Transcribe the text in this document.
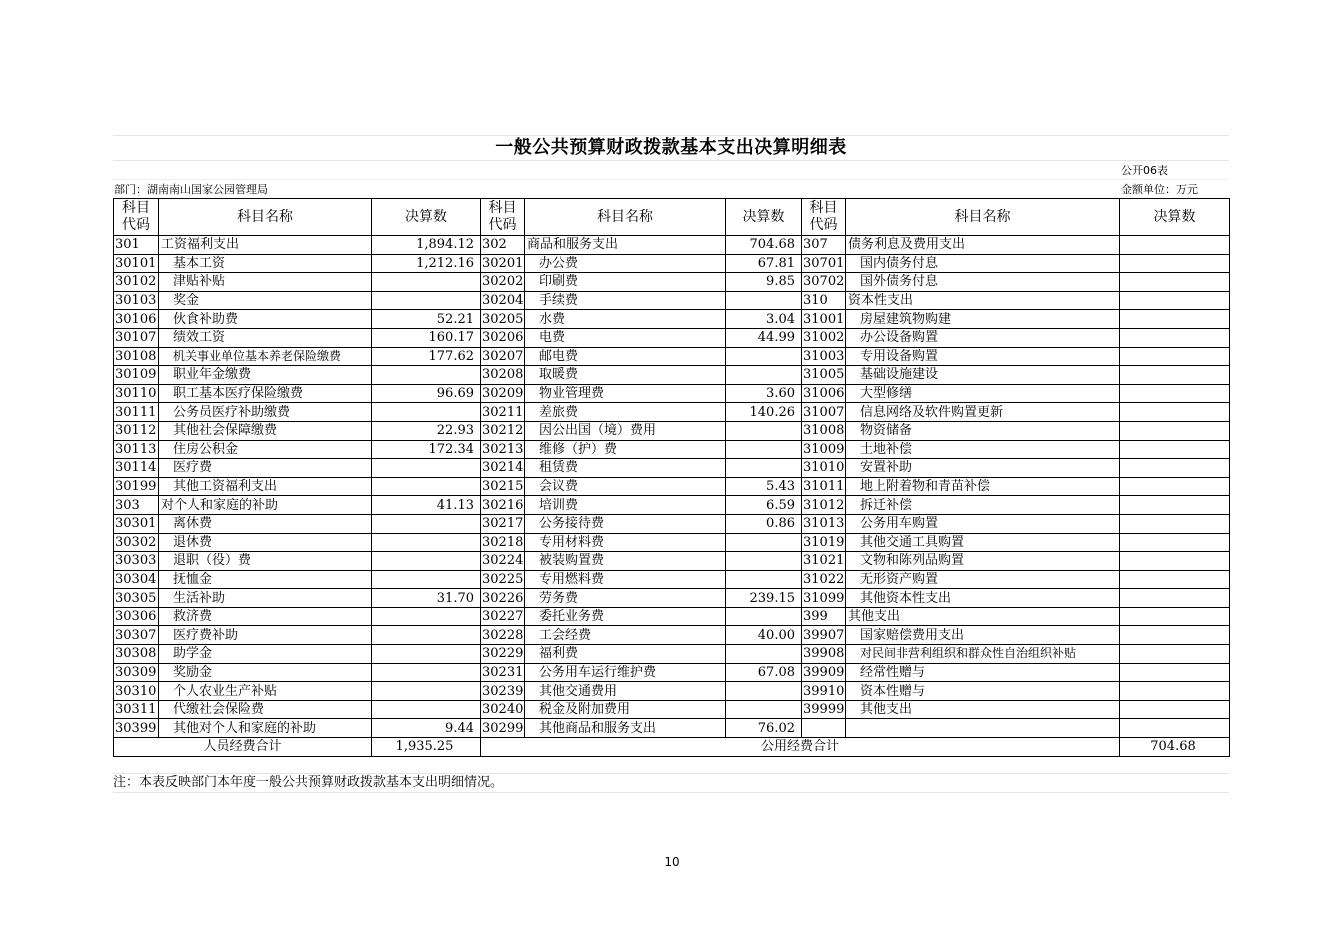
一般公共预算财政拨款基本支出决算明细表
公开06表
部门：湖南南山国家公园管理局	金额单位：万元
科目代码	科目名称	决算数	科目代码	科目名称	决算数	科目代码	科目名称	决算数
301	工资福利支出	1,894.12	302	商品和服务支出	704.68	307	债务利息及费用支出	
30101	基本工资	1,212.16	30201	办公费	67.81	30701	国内债务付息	
30102	津贴补贴		30202	印刷费	9.85	30702	国外债务付息	
30103	奖金		30204	手续费		310	资本性支出	
30106	伙食补助费	52.21	30205	水费	3.04	31001	房屋建筑物购建	
30107	绩效工资	160.17	30206	电费	44.99	31002	办公设备购置	
30108	机关事业单位基本养老保险缴费	177.62	30207	邮电费		31003	专用设备购置	
30109	职业年金缴费		30208	取暖费		31005	基础设施建设	
30110	职工基本医疗保险缴费	96.69	30209	物业管理费	3.60	31006	大型修缮	
30111	公务员医疗补助缴费		30211	差旅费	140.26	31007	信息网络及软件购置更新	
30112	其他社会保障缴费	22.93	30212	因公出国（境）费用		31008	物资储备	
30113	住房公积金	172.34	30213	维修（护）费		31009	土地补偿	
30114	医疗费		30214	租赁费		31010	安置补助	
30199	其他工资福利支出		30215	会议费	5.43	31011	地上附着物和青苗补偿	
303	对个人和家庭的补助	41.13	30216	培训费	6.59	31012	拆迁补偿	
30301	离休费		30217	公务接待费	0.86	31013	公务用车购置	
30302	退休费		30218	专用材料费		31019	其他交通工具购置	
30303	退职（役）费		30224	被装购置费		31021	文物和陈列品购置	
30304	抚恤金		30225	专用燃料费		31022	无形资产购置	
30305	生活补助	31.70	30226	劳务费	239.15	31099	其他资本性支出	
30306	救济费		30227	委托业务费		399	其他支出	
30307	医疗费补助		30228	工会经费	40.00	39907	国家赔偿费用支出	
30308	助学金		30229	福利费		39908	对民间非营利组织和群众性自治组织补贴	
30309	奖励金		30231	公务用车运行维护费	67.08	39909	经常性赠与	
30310	个人农业生产补贴		30239	其他交通费用		39910	资本性赠与	
30311	代缴社会保险费		30240	税金及附加费用		39999	其他支出	
30399	其他对个人和家庭的补助	9.44	30299	其他商品和服务支出	76.02			
人员经费合计		1,935.25	公用经费合计					704.68
注：本表反映部门本年度一般公共预算财政拨款基本支出明细情况。
10
